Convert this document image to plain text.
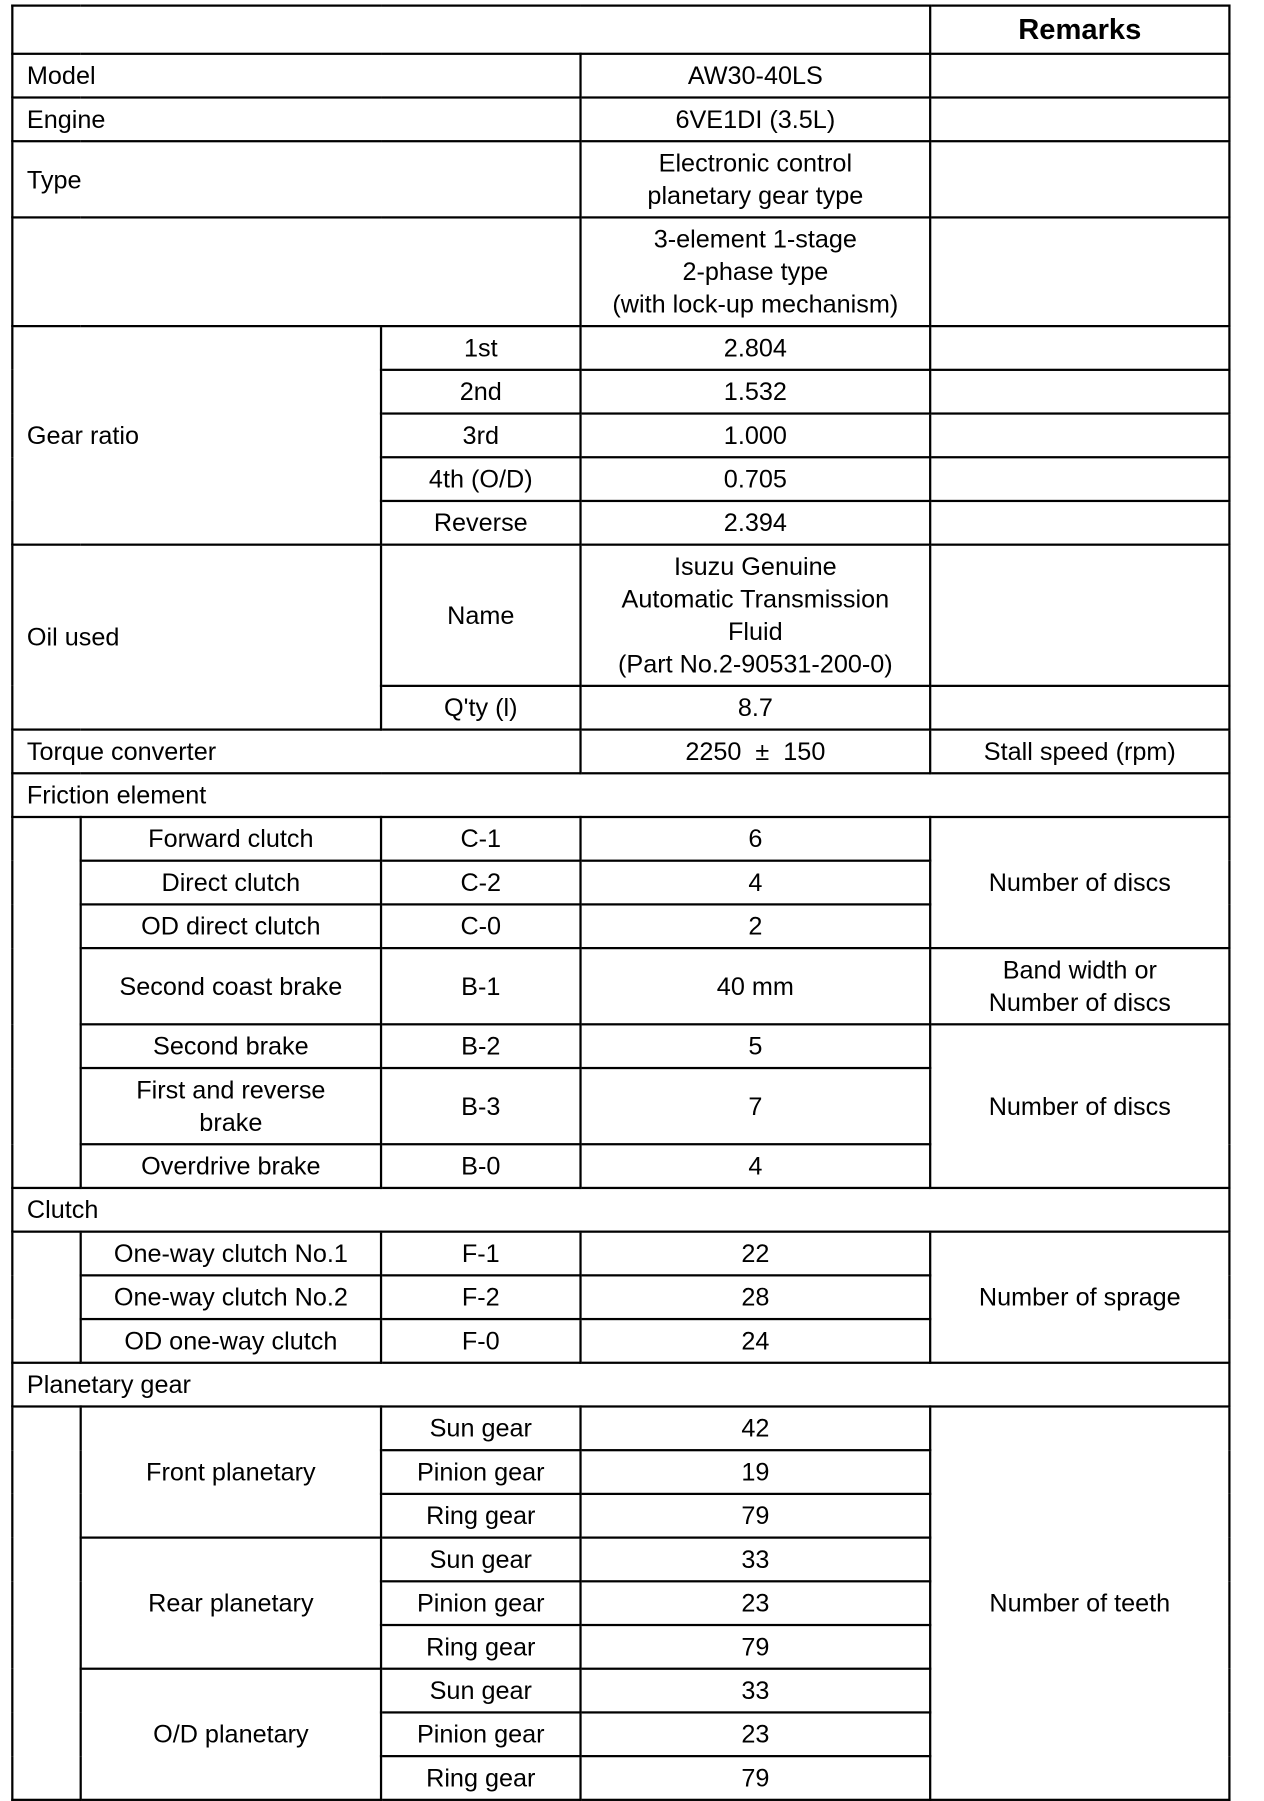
				Remarks
Model			AW30-40LS	
Engine			6VE1DI (3.5L)	
Type			Electronic control
planetary gear type	

			3-element 1-stage
2-phase type
(with lock-up mechanism)	

Gear ratio		1st	2.804	
		2nd	1.532	
		3rd	1.000	
		4th (O/D)	0.705	
		Reverse	2.394	
Oil used		Name	Isuzu Genuine
Automatic Transmission
Fluid
(Part No.2-90531-200-0)	

		Q'ty (l)	8.7	
Torque converter			2250  ±  150	Stall speed (rpm)
Friction element				
	Forward clutch	C-1	6	Number of discs
	Direct clutch	C-2	4	
	OD direct clutch	C-0	2	
	Second coast brake	B-1	40 mm	Band width or
Number of discs

	Second brake	B-2	5	Number of discs

	First and reverse
brake	B-3	7	
	Overdrive brake	B-0	4	
Clutch				
	One-way clutch No.1	F-1	22	Number of sprage
	One-way clutch No.2	F-2	28	
	OD one-way clutch	F-0	24	
Planetary gear				
	Front planetary	Sun gear	42	Number of teeth
		Pinion gear	19	
		Ring gear	79	
	Rear planetary	Sun gear	33	
		Pinion gear	23	
		Ring gear	79	
	O/D planetary	Sun gear	33	
		Pinion gear	23	
		Ring gear	79	
